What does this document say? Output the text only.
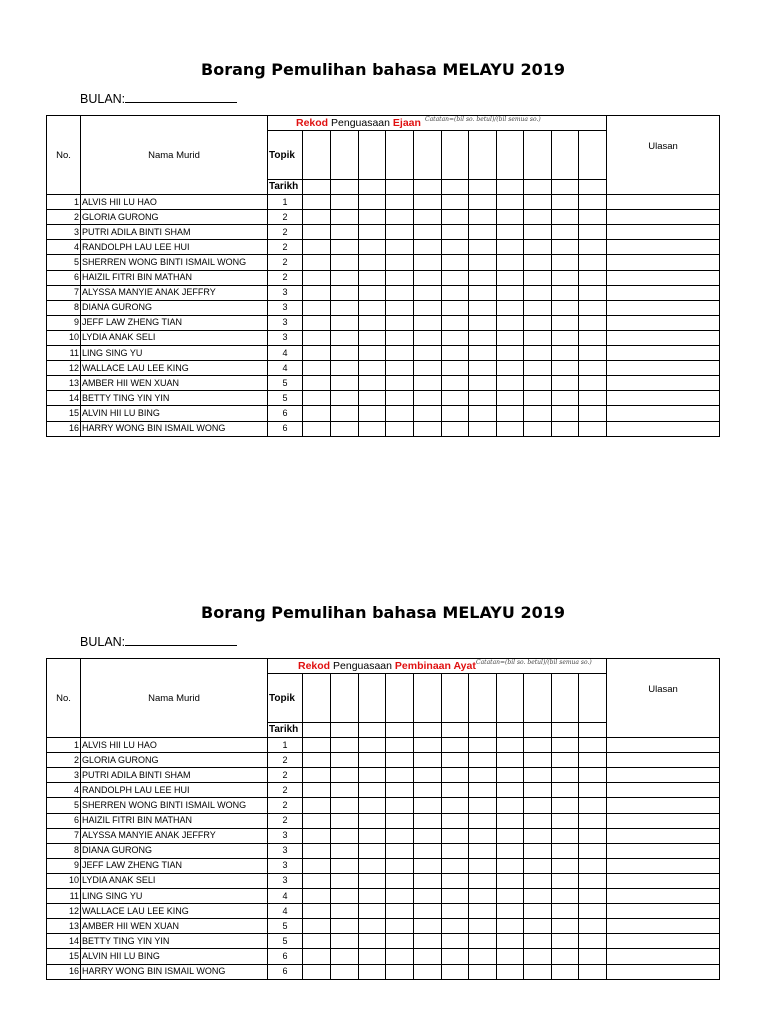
Borang Pemulihan bahasa MELAYU 2019
BULAN:
No.	Nama Murid	Rekod Penguasaan Ejaan Catatan=(bil so. betul)/(bil semua so.)												Ulasan
		Topik												
		Tarikh												
1	ALVIS HII LU HAO	1												
2	GLORIA GURONG	2												
3	PUTRI ADILA BINTI SHAM	2												
4	RANDOLPH LAU LEE HUI	2												
5	SHERREN WONG BINTI ISMAIL WONG	2												
6	HAIZIL FITRI BIN MATHAN	2												
7	ALYSSA MANYIE ANAK JEFFRY	3												
8	DIANA GURONG	3												
9	JEFF LAW ZHENG TIAN	3												
10	LYDIA ANAK SELI	3												
11	LING SING YU	4												
12	WALLACE LAU LEE KING	4												
13	AMBER HII WEN XUAN	5												
14	BETTY TING YIN YIN	5												
15	ALVIN HII LU BING	6												
16	HARRY WONG BIN ISMAIL WONG	6												
Borang Pemulihan bahasa MELAYU 2019
BULAN:
No.	Nama Murid	Rekod Penguasaan Pembinaan Ayat Catatan=(bil so. betul)/(bil semua so.)												Ulasan
		Topik												
		Tarikh												
1	ALVIS HII LU HAO	1												
2	GLORIA GURONG	2												
3	PUTRI ADILA BINTI SHAM	2												
4	RANDOLPH LAU LEE HUI	2												
5	SHERREN WONG BINTI ISMAIL WONG	2												
6	HAIZIL FITRI BIN MATHAN	2												
7	ALYSSA MANYIE ANAK JEFFRY	3												
8	DIANA GURONG	3												
9	JEFF LAW ZHENG TIAN	3												
10	LYDIA ANAK SELI	3												
11	LING SING YU	4												
12	WALLACE LAU LEE KING	4												
13	AMBER HII WEN XUAN	5												
14	BETTY TING YIN YIN	5												
15	ALVIN HII LU BING	6												
16	HARRY WONG BIN ISMAIL WONG	6												
